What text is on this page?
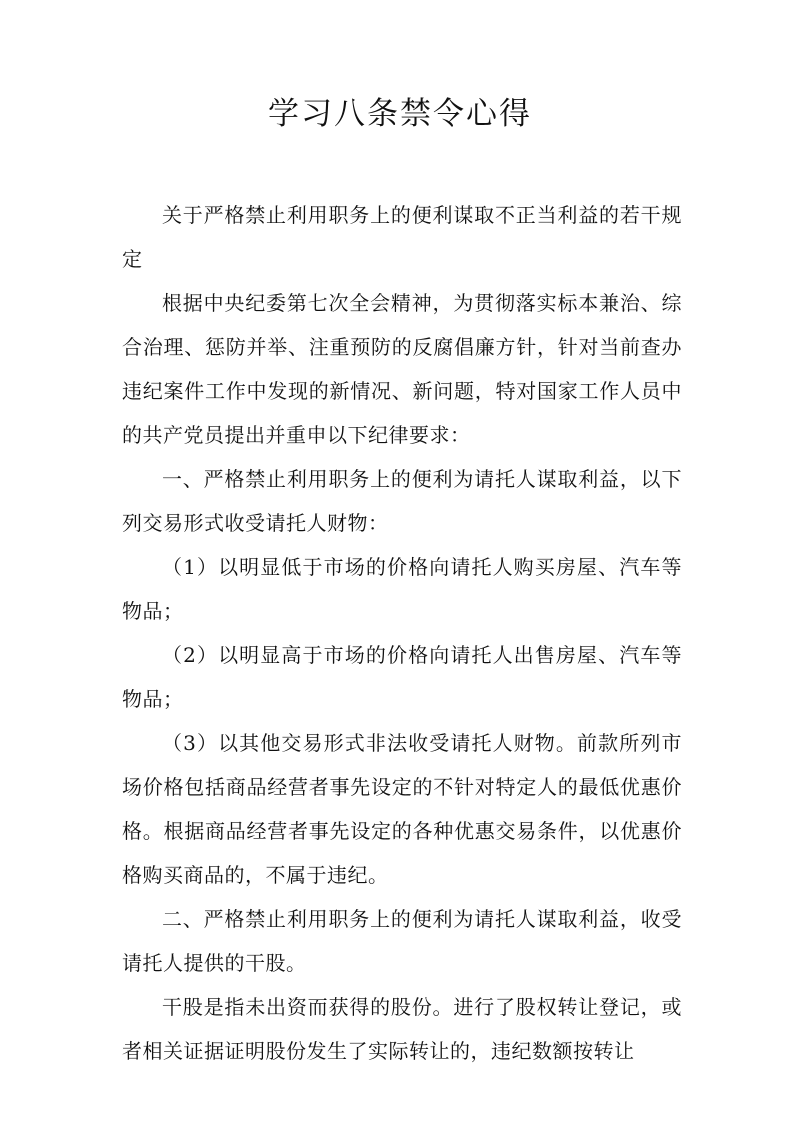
学习八条禁令心得

关于严格禁止利用职务上的便利谋取不正当利益的若干规定

根据中央纪委第七次全会精神，为贯彻落实标本兼治、综合治理、惩防并举、注重预防的反腐倡廉方针，针对当前查办违纪案件工作中发现的新情况、新问题，特对国家工作人员中的共产党员提出并重申以下纪律要求：

一、严格禁止利用职务上的便利为请托人谋取利益，以下列交易形式收受请托人财物：

（1）以明显低于市场的价格向请托人购买房屋、汽车等物品；

（2）以明显高于市场的价格向请托人出售房屋、汽车等物品；

（3）以其他交易形式非法收受请托人财物。前款所列市场价格包括商品经营者事先设定的不针对特定人的最低优惠价格。根据商品经营者事先设定的各种优惠交易条件，以优惠价格购买商品的，不属于违纪。

二、严格禁止利用职务上的便利为请托人谋取利益，收受请托人提供的干股。

干股是指未出资而获得的股份。进行了股权转让登记，或者相关证据证明股份发生了实际转让的，违纪数额按转让
